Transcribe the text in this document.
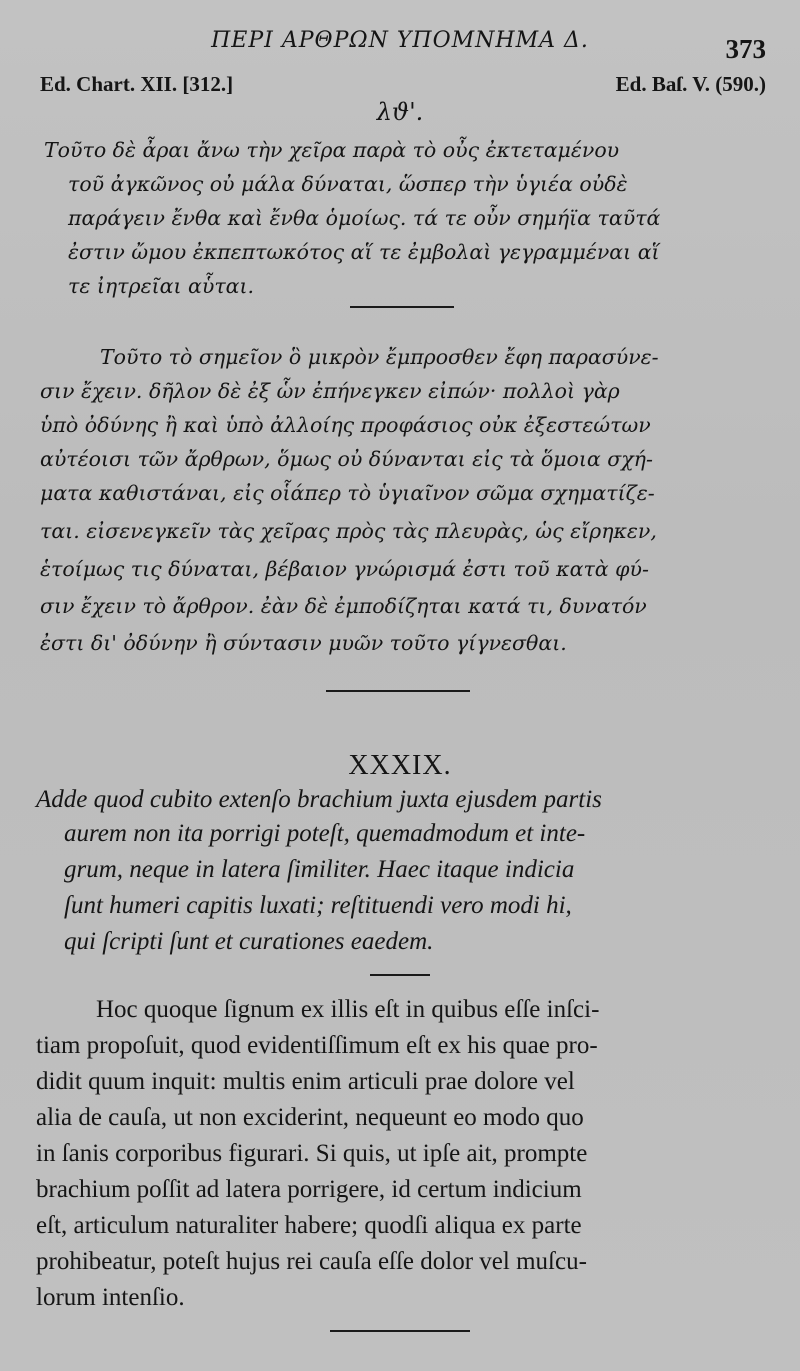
ΠΕΡΙ ΑΡΘΡΩΝ ΥΠΟΜΝΗΜΑ Δ.	373
Ed. Chart. XII. [312.]	Ed. Baſ. V. (590.)
λϑ'.
Τοῦτο δὲ ἆραι ἄνω τὴν χεῖρα παρὰ τὸ οὖς ἐκτεταμένου
τοῦ ἀγκῶνος οὐ μάλα δύναται, ὥσπερ τὴν ὑγιέα οὐδὲ
παράγειν ἔνθα καὶ ἔνθα ὁμοίως. τά τε οὖν σημήϊα ταῦτά
ἐστιν ὤμου ἐκπεπτωκότος αἵ τε ἐμβολαὶ γεγραμμέναι αἵ
τε ἰητρεῖαι αὗται.
Τοῦτο τὸ σημεῖον ὃ μικρὸν ἔμπροσθεν ἔφη παρασύνε-
σιν ἔχειν. δῆλον δὲ ἐξ ὧν ἐπήνεγκεν εἰπών· πολλοὶ γὰρ
ὑπὸ ὀδύνης ἢ καὶ ὑπὸ ἀλλοίης προφάσιος οὐκ ἐξεστεώτων
αὐτέοισι τῶν ἄρθρων, ὅμως οὐ δύνανται εἰς τὰ ὅμοια σχή-
ματα καθιστάναι, εἰς οἷάπερ τὸ ὑγιαῖνον σῶμα σχηματίζε-
ται. εἰσενεγκεῖν τὰς χεῖρας πρὸς τὰς πλευρὰς, ὡς εἴρηκεν,
ἑτοίμως τις δύναται, βέβαιον γνώρισμά ἐστι τοῦ κατὰ φύ-
σιν ἔχειν τὸ ἄρθρον. ἐὰν δὲ ἐμποδίζηται κατά τι, δυνατόν
ἐστι δι' ὀδύνην ἢ σύντασιν μυῶν τοῦτο γίγνεσθαι.
XXXIX.
Adde quod cubito extenſo brachium juxta ejusdem partis
aurem non ita porrigi poteſt, quemadmodum et inte-
grum, neque in latera ſimiliter. Haec itaque indicia
ſunt humeri capitis luxati; reſtituendi vero modi hi,
qui ſcripti ſunt et curationes eaedem.
Hoc quoque ſignum ex illis eſt in quibus eſſe inſci-
tiam propoſuit, quod evidentiſſimum eſt ex his quae pro-
didit quum inquit: multis enim articuli prae dolore vel
alia de cauſa, ut non exciderint, nequeunt eo modo quo
in ſanis corporibus figurari. Si quis, ut ipſe ait, prompte
brachium poſſit ad latera porrigere, id certum indicium
eſt, articulum naturaliter habere; quodſi aliqua ex parte
prohibeatur, poteſt hujus rei cauſa eſſe dolor vel muſcu-
lorum intenſio.
